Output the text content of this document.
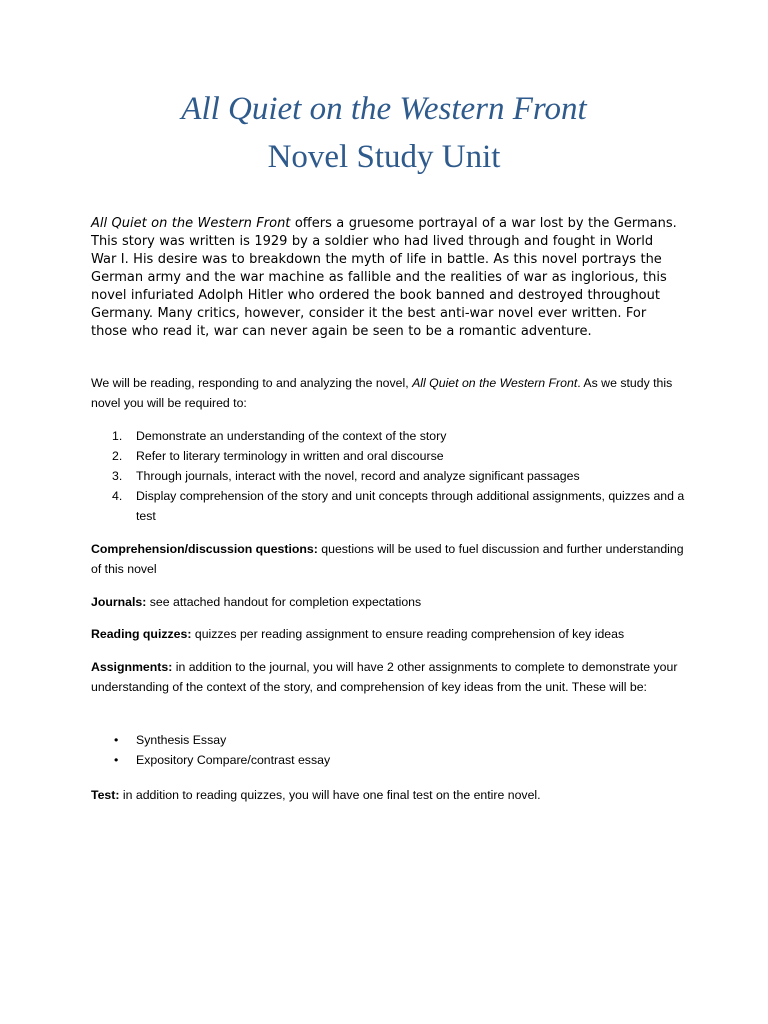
All Quiet on the Western Front
Novel Study Unit

All Quiet on the Western Front offers a gruesome portrayal of a war lost by the Germans. This story was written is 1929 by a soldier who had lived through and fought in World War I. His desire was to breakdown the myth of life in battle. As this novel portrays the German army and the war machine as fallible and the realities of war as inglorious, this novel infuriated Adolph Hitler who ordered the book banned and destroyed throughout Germany. Many critics, however, consider it the best anti-war novel ever written. For those who read it, war can never again be seen to be a romantic adventure.

We will be reading, responding to and analyzing the novel, All Quiet on the Western Front. As we study this novel you will be required to:

1. Demonstrate an understanding of the context of the story
2. Refer to literary terminology in written and oral discourse
3. Through journals, interact with the novel, record and analyze significant passages
4. Display comprehension of the story and unit concepts through additional assignments, quizzes and a test

Comprehension/discussion questions: questions will be used to fuel discussion and further understanding of this novel

Journals: see attached handout for completion expectations

Reading quizzes: quizzes per reading assignment to ensure reading comprehension of key ideas

Assignments: in addition to the journal, you will have 2 other assignments to complete to demonstrate your understanding of the context of the story, and comprehension of key ideas from the unit. These will be:

• Synthesis Essay
• Expository Compare/contrast essay

Test: in addition to reading quizzes, you will have one final test on the entire novel.
